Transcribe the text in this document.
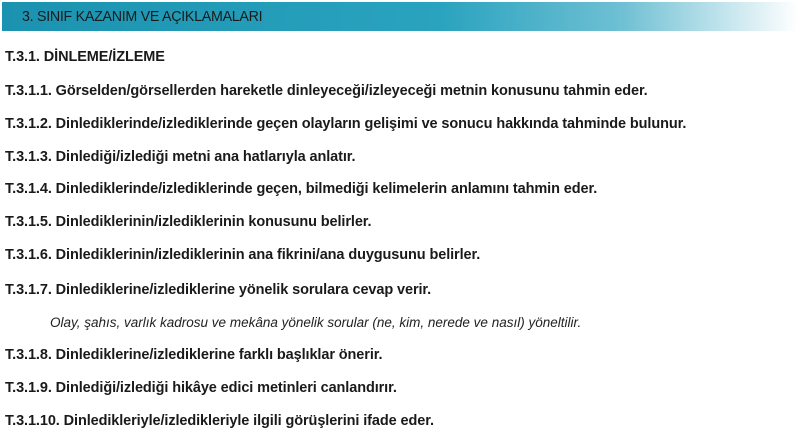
3. SINIF KAZANIM VE AÇIKLAMALARI
T.3.1. DİNLEME/İZLEME
T.3.1.1. Görselden/görsellerden hareketle dinleyeceği/izleyeceği metnin konusunu tahmin eder.
T.3.1.2. Dinlediklerinde/izlediklerinde geçen olayların gelişimi ve sonucu hakkında tahminde bulunur.
T.3.1.3. Dinlediği/izlediği metni ana hatlarıyla anlatır.
T.3.1.4. Dinlediklerinde/izlediklerinde geçen, bilmediği kelimelerin anlamını tahmin eder.
T.3.1.5. Dinlediklerinin/izlediklerinin konusunu belirler.
T.3.1.6. Dinlediklerinin/izlediklerinin ana fikrini/ana duygusunu belirler.
T.3.1.7. Dinlediklerine/izlediklerine yönelik sorulara cevap verir.
Olay, şahıs, varlık kadrosu ve mekâna yönelik sorular (ne, kim, nerede ve nasıl) yöneltilir.
T.3.1.8. Dinlediklerine/izlediklerine farklı başlıklar önerir.
T.3.1.9. Dinlediği/izlediği hikâye edici metinleri canlandırır.
T.3.1.10. Dinledikleriyle/izledikleriyle ilgili görüşlerini ifade eder.
